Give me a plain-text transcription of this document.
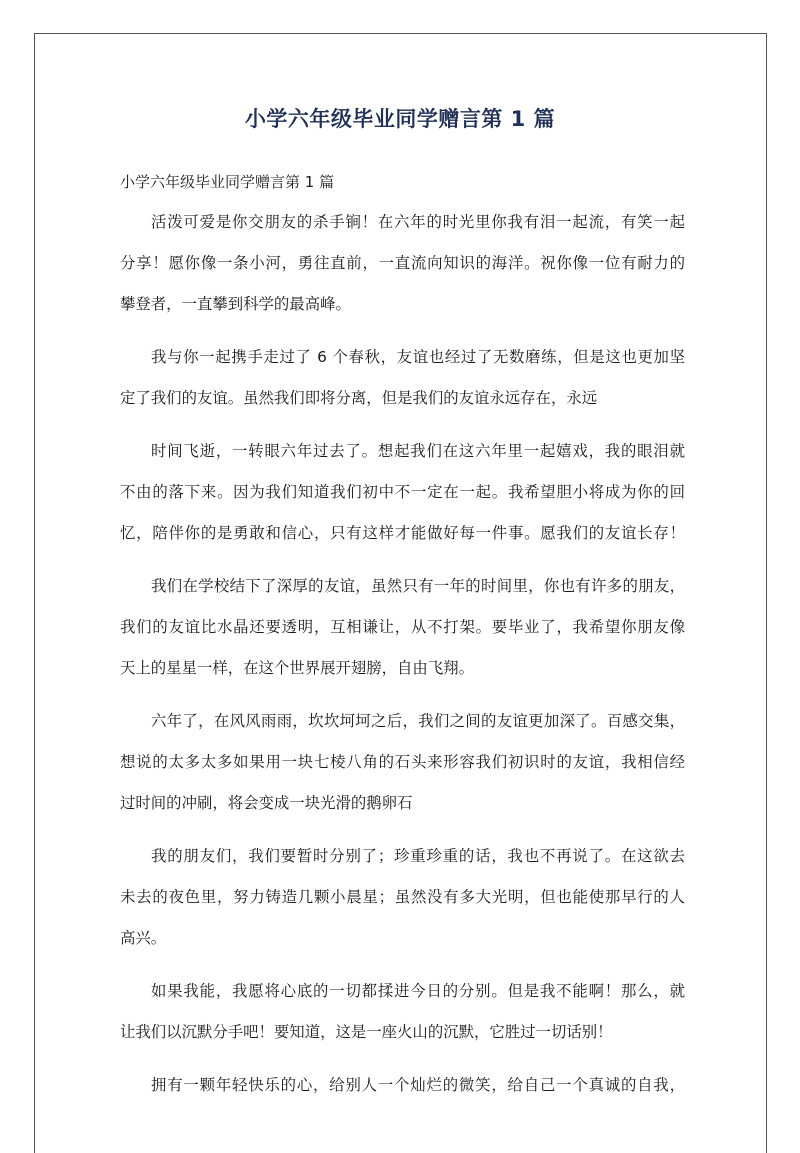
小学六年级毕业同学赠言第 1 篇
小学六年级毕业同学赠言第 1 篇
活泼可爱是你交朋友的杀手锏！在六年的时光里你我有泪一起流，有笑一起
分享！愿你像一条小河，勇往直前，一直流向知识的海洋。祝你像一位有耐力的
攀登者，一直攀到科学的最高峰。
我与你一起携手走过了 6 个春秋，友谊也经过了无数磨练，但是这也更加坚
定了我们的友谊。虽然我们即将分离，但是我们的友谊永远存在，永远
时间飞逝，一转眼六年过去了。想起我们在这六年里一起嬉戏，我的眼泪就
不由的落下来。因为我们知道我们初中不一定在一起。我希望胆小将成为你的回
忆，陪伴你的是勇敢和信心，只有这样才能做好每一件事。愿我们的友谊长存！
我们在学校结下了深厚的友谊，虽然只有一年的时间里，你也有许多的朋友，
我们的友谊比水晶还要透明，互相谦让，从不打架。要毕业了，我希望你朋友像
天上的星星一样，在这个世界展开翅膀，自由飞翔。
六年了，在风风雨雨，坎坎坷坷之后，我们之间的友谊更加深了。百感交集，
想说的太多太多如果用一块七棱八角的石头来形容我们初识时的友谊，我相信经
过时间的冲刷，将会变成一块光滑的鹅卵石
我的朋友们，我们要暂时分别了；珍重珍重的话，我也不再说了。在这欲去
未去的夜色里，努力铸造几颗小晨星；虽然没有多大光明，但也能使那早行的人
高兴。
如果我能，我愿将心底的一切都揉进今日的分别。但是我不能啊！那么，就
让我们以沉默分手吧！要知道，这是一座火山的沉默，它胜过一切话别！
拥有一颗年轻快乐的心，给别人一个灿烂的微笑，给自己一个真诚的自我，
